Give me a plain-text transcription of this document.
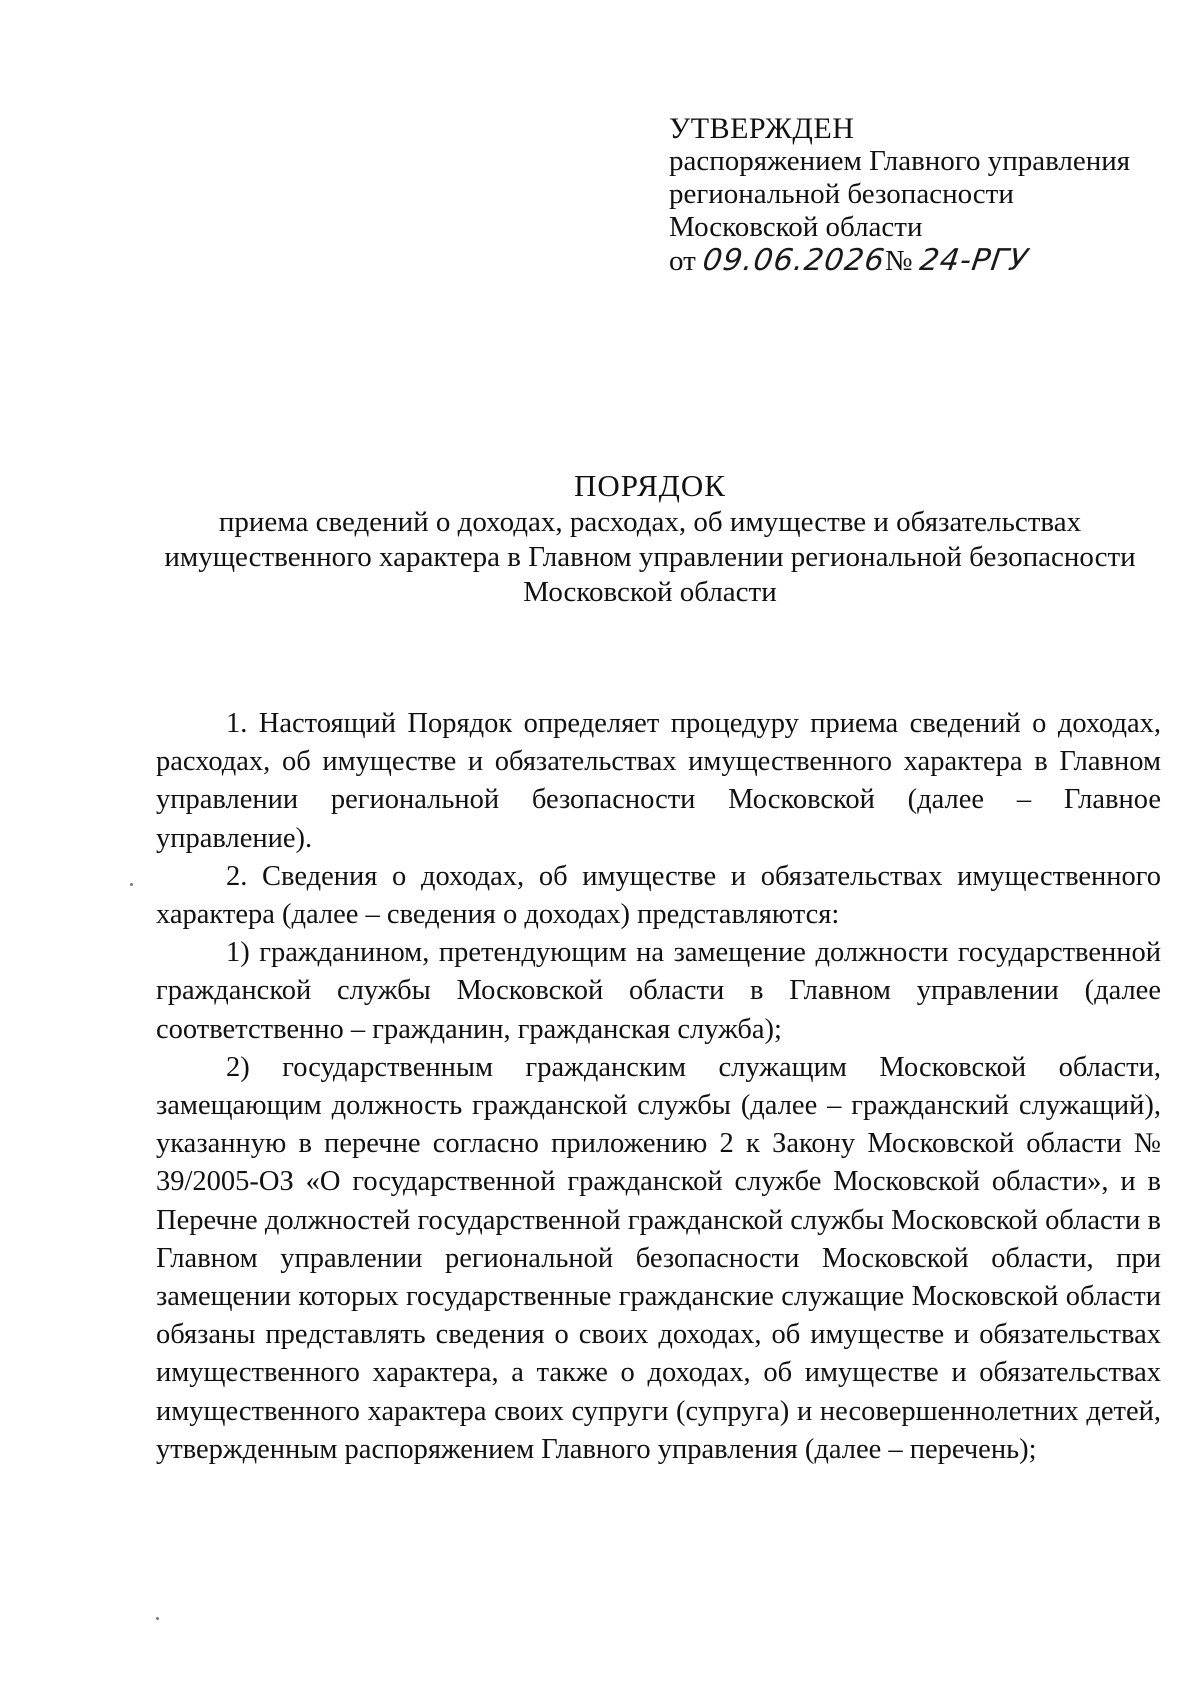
УТВЕРЖДЕН
распоряжением Главного управления
региональной безопасности
Московской области
от 09.06.2026№ 24-РГУ
ПОРЯДОК
приема сведений о доходах, расходах, об имуществе и обязательствах
имущественного характера в Главном управлении региональной безопасности
Московской области

1. Настоящий Порядок определяет процедуру приема сведений о доходах, расходах, об имуществе и обязательствах имущественного характера в Главном управлении региональной безопасности Московской (далее – Главное управление).

2. Сведения о доходах, об имуществе и обязательствах имущественного характера (далее – сведения о доходах) представляются:

1) гражданином, претендующим на замещение должности государственной гражданской службы Московской области в Главном управлении (далее соответственно – гражданин, гражданская служба);

2) государственным гражданским служащим Московской области, замещающим должность гражданской службы (далее – гражданский служащий), указанную в перечне согласно приложению 2 к Закону Московской области № 39/2005-ОЗ «О государственной гражданской службе Московской области», и в Перечне должностей государственной гражданской службы Московской области в Главном управлении региональной безопасности Московской области, при замещении которых государственные гражданские служащие Московской области обязаны представлять сведения о своих доходах, об имуществе и обязательствах имущественного характера, а также о доходах, об имуществе и обязательствах имущественного характера своих супруги (супруга) и несовершеннолетних детей, утвержденным распоряжением Главного управления (далее – перечень);
